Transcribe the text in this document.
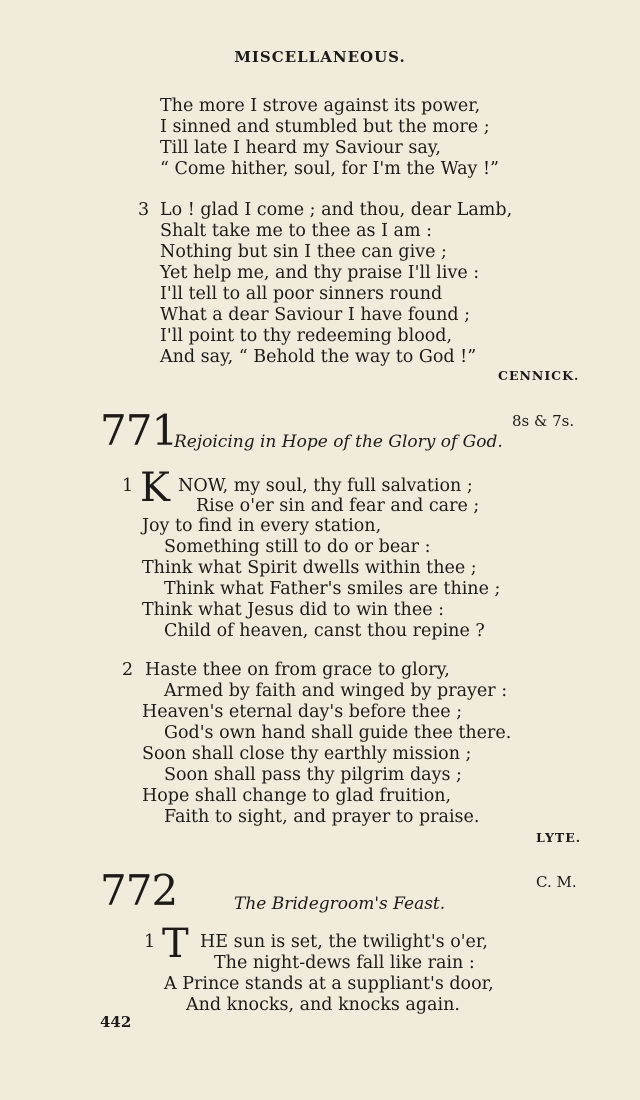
MISCELLANEOUS.
The more I strove against its power,
I sinned and stumbled but the more ;
Till late I heard my Saviour say,
“ Come hither, soul, for I'm the Way !”
3 Lo ! glad I come ; and thou, dear Lamb,
Shalt take me to thee as I am :
Nothing but sin I thee can give ;
Yet help me, and thy praise I'll live :
I'll tell to all poor sinners round
What a dear Saviour I have found ;
I'll point to thy redeeming blood,
And say, “ Behold the way to God !”
CENNICK.
771	8s & 7s.
Rejoicing in Hope of the Glory of God.
1 K NOW, my soul, thy full salvation ;
Rise o'er sin and fear and care ;
Joy to find in every station,
Something still to do or bear :
Think what Spirit dwells within thee ;
Think what Father's smiles are thine ;
Think what Jesus did to win thee :
Child of heaven, canst thou repine ?
2 Haste thee on from grace to glory,
Armed by faith and winged by prayer :
Heaven's eternal day's before thee ;
God's own hand shall guide thee there.
Soon shall close thy earthly mission ;
Soon shall pass thy pilgrim days ;
Hope shall change to glad fruition,
Faith to sight, and prayer to praise.
LYTE.
772	C. M.
The Bridegroom's Feast.
1 T HE sun is set, the twilight's o'er,
The night-dews fall like rain :
A Prince stands at a suppliant's door,
And knocks, and knocks again.
442
